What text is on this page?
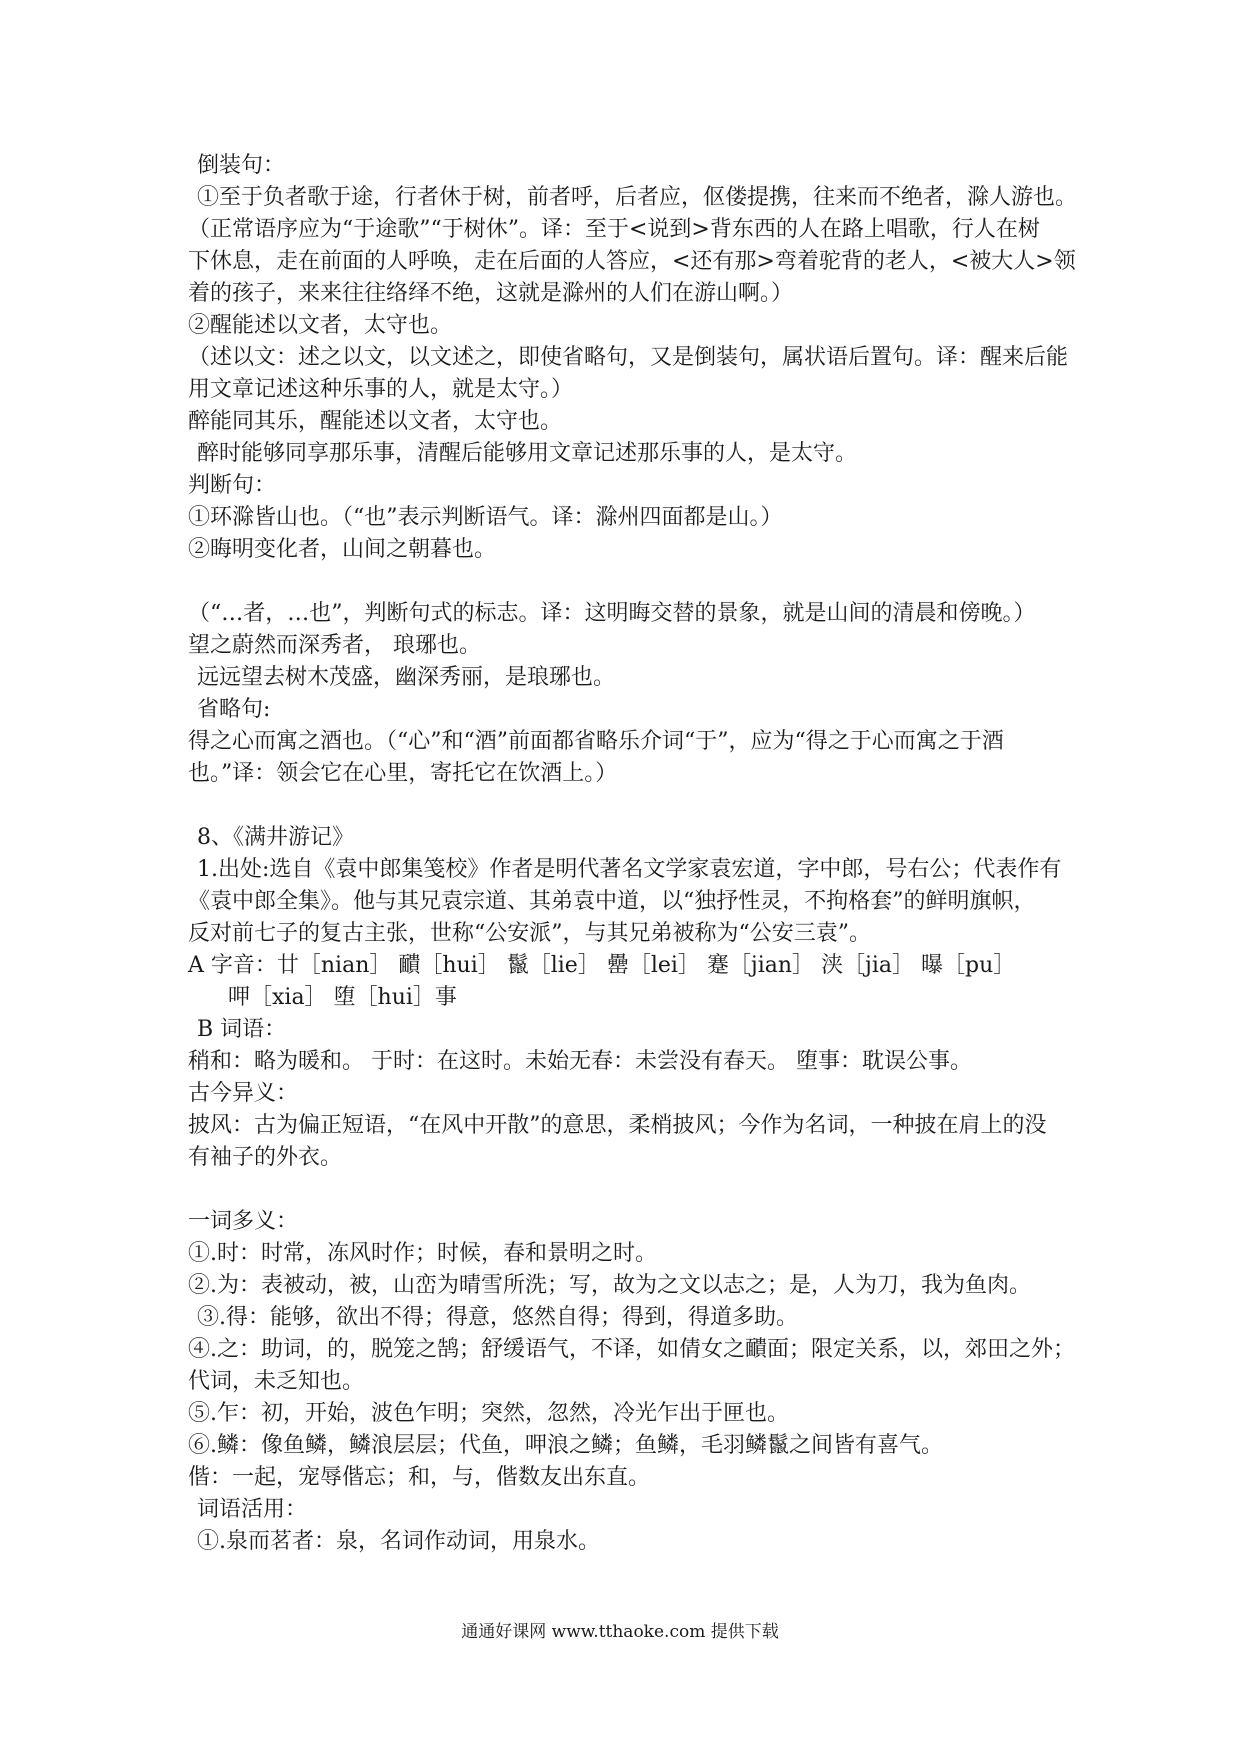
倒装句：
①至于负者歌于途，行者休于树，前者呼，后者应，伛偻提携，往来而不绝者，滁人游也。
（正常语序应为“于途歌”“于树休”。译：至于<说到>背东西的人在路上唱歌，行人在树
下休息，走在前面的人呼唤，走在后面的人答应，<还有那>弯着驼背的老人，<被大人>领
着的孩子，来来往往络绎不绝，这就是滁州的人们在游山啊。）
②醒能述以文者，太守也。
（述以文：述之以文，以文述之，即使省略句，又是倒装句，属状语后置句。译：醒来后能
用文章记述这种乐事的人，就是太守。）
醉能同其乐，醒能述以文者，太守也。
醉时能够同享那乐事，清醒后能够用文章记述那乐事的人，是太守。
判断句：
①环滁皆山也。（“也”表示判断语气。译：滁州四面都是山。）
②晦明变化者，山间之朝暮也。
（“…者，…也”，判断句式的标志。译：这明晦交替的景象，就是山间的清晨和傍晚。）
望之蔚然而深秀者， 琅琊也。
远远望去树木茂盛，幽深秀丽，是琅琊也。
省略句:
得之心而寓之酒也。（“心”和“酒”前面都省略乐介词“于”，应为“得之于心而寓之于酒
也。”译：领会它在心里，寄托它在饮酒上。）
8、《满井游记》
1.出处:选自《袁中郎集笺校》作者是明代著名文学家袁宏道，字中郎，号右公；代表作有
《袁中郎全集》。他与其兄袁宗道、其弟袁中道，以“独抒性灵，不拘格套”的鲜明旗帜，
反对前七子的复古主张，世称“公安派”，与其兄弟被称为“公安三袁”。
A 字音：廿［nian］ 靧［hui］ 鬣［lie］ 罍［lei］ 蹇［jian］ 浃［jia］ 曝［pu］
呷［xia］ 堕［hui］事
B 词语：
稍和：略为暖和。 于时：在这时。未始无春：未尝没有春天。 堕事：耽误公事。
古今异义：
披风：古为偏正短语，“在风中开散”的意思，柔梢披风；今作为名词，一种披在肩上的没
有袖子的外衣。
一词多义：
①.时：时常，冻风时作；时候，春和景明之时。
②.为：表被动，被，山峦为晴雪所洗；写，故为之文以志之；是，人为刀，我为鱼肉。
③.得：能够，欲出不得；得意，悠然自得；得到，得道多助。
④.之：助词，的，脱笼之鹄；舒缓语气，不译，如倩女之靧面；限定关系，以，郊田之外；
代词，未乏知也。
⑤.乍：初，开始，波色乍明；突然，忽然，冷光乍出于匣也。
⑥.鳞：像鱼鳞，鳞浪层层；代鱼，呷浪之鳞；鱼鳞，毛羽鳞鬣之间皆有喜气。
偕：一起，宠辱偕忘；和，与，偕数友出东直。
词语活用：
①.泉而茗者：泉，名词作动词，用泉水。
通通好课网 www.tthaoke.com 提供下载
